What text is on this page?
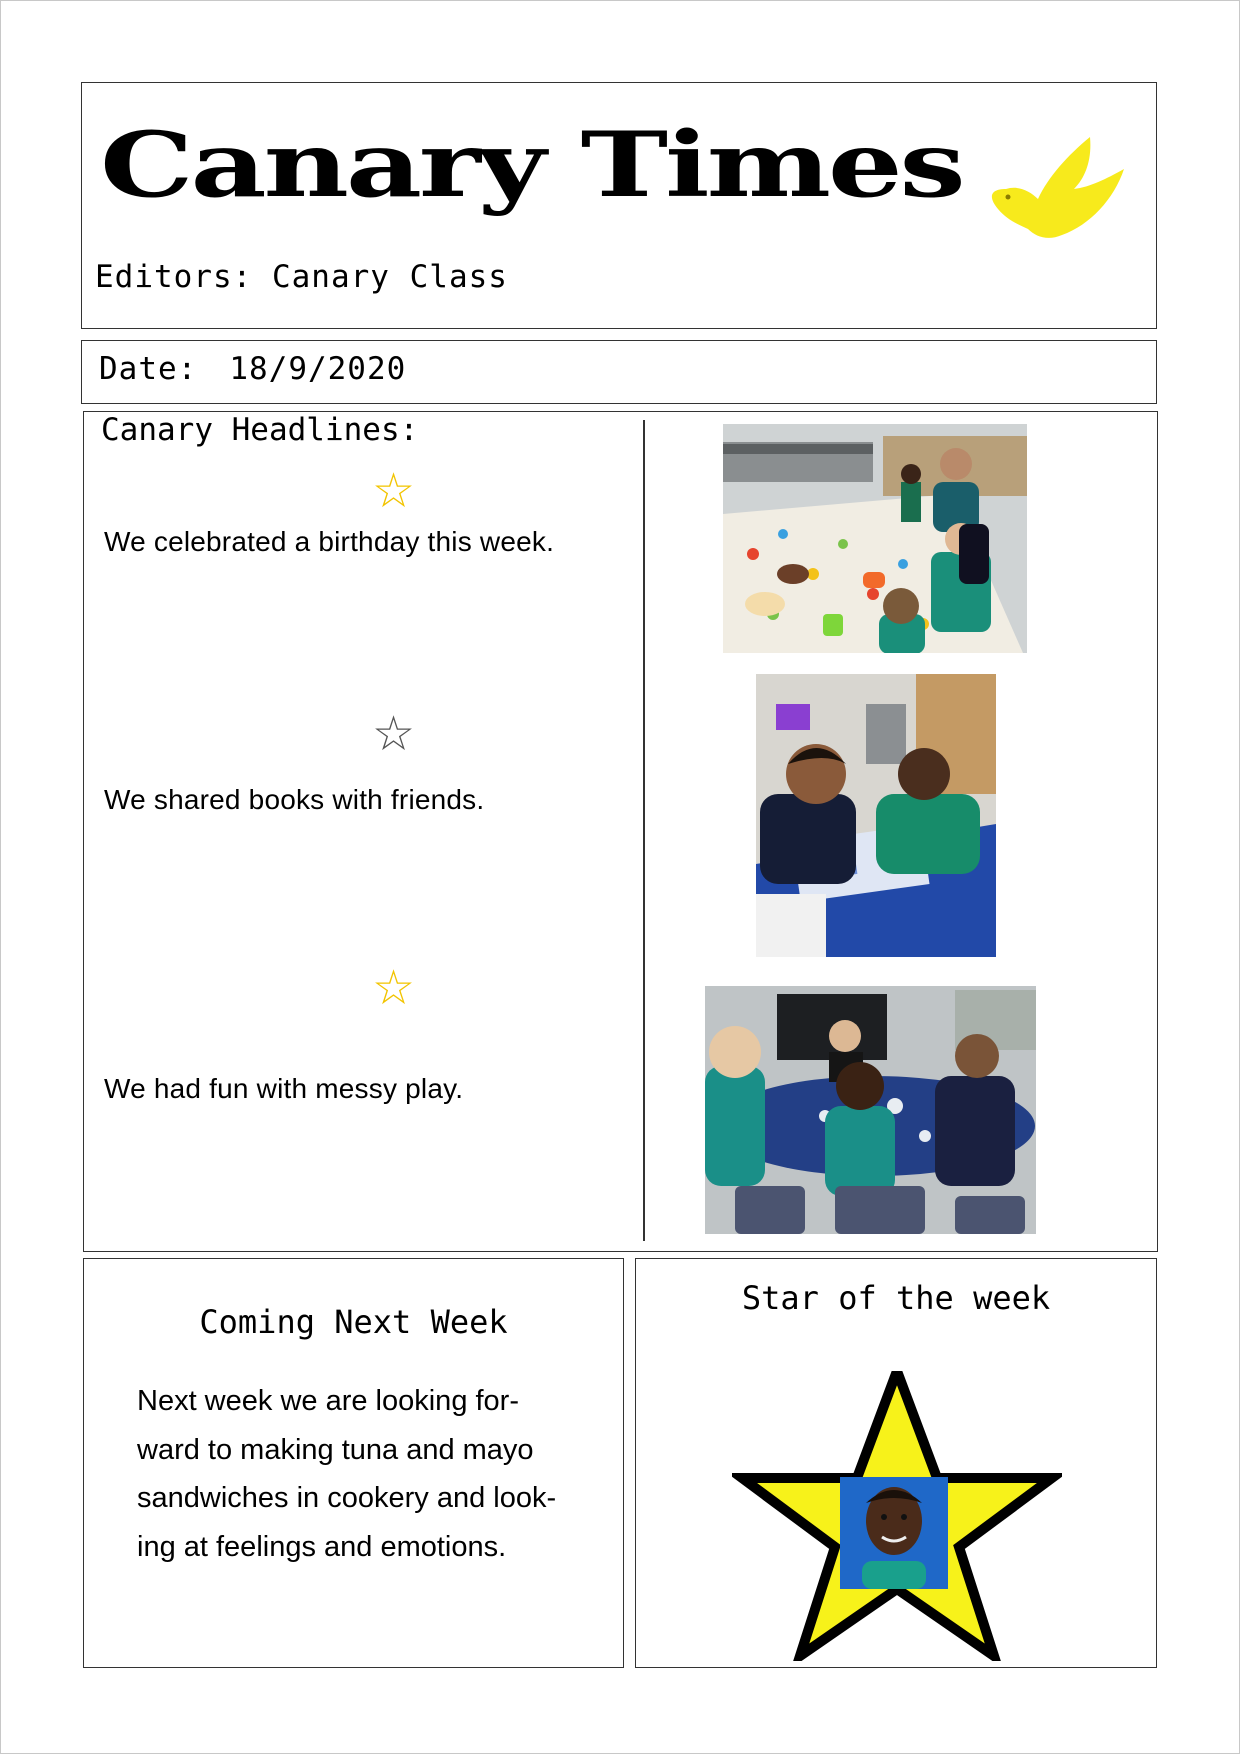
Canary Times
Editors: Canary Class
Date: 18/9/2020
Canary Headlines:
☆
We celebrated a birthday this week.
☆
We shared books with friends.
☆
We had fun with messy play.
Coming Next Week
Next week we are looking for-
ward to making tuna and mayo
sandwiches in cookery and look-
ing at feelings and emotions.
Star of the week
